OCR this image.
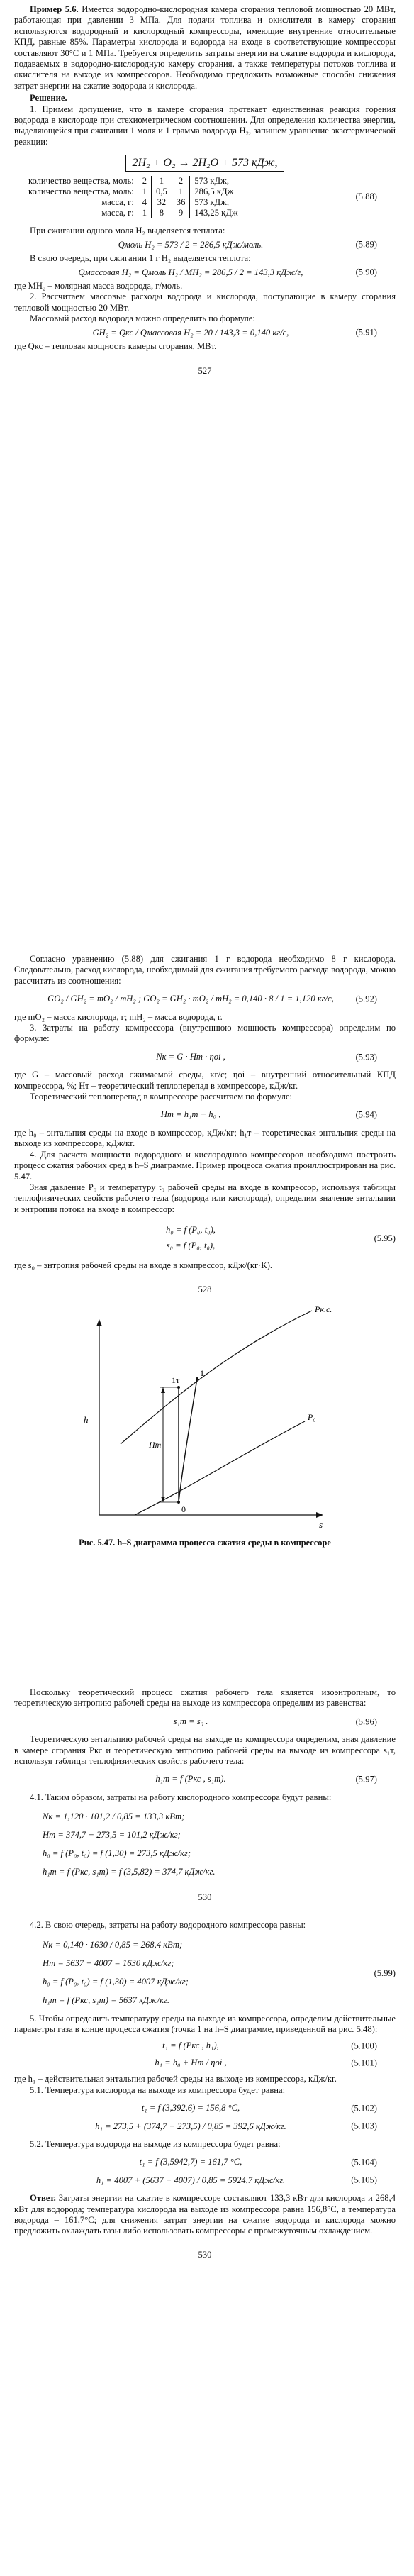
Пример 5.6. Имеется водородно-кислородная камера сгорания тепловой мощностью 20 МВт, работающая при давлении 3 МПа. Для подачи топлива и окислителя в камеру сгорания используются водородный и кислородный компрессоры, имеющие внутренние относительные КПД, равные 85%. Параметры кислорода и водорода на входе в соответствующие компрессоры составляют 30°С и 1 МПа. Требуется определить затраты энергии на сжатие водорода и кислорода, подаваемых в водородно-кислородную камеру сгорания, а также температуры потоков топлива и окислителя на выходе из компрессоров. Необходимо предложить возможные способы снижения затрат энергии на сжатие водорода и кислорода.

Решение.

1. Примем допущение, что в камере сгорания протекает единственная реакция горения водорода в кислороде при стехиометрическом соотношении. Для определения количества энергии, выделяющейся при сжигании 1 моля и 1 грамма водорода H₂, запишем уравнение экзотермической реакции:

2H₂ + O₂ → 2H₂O + 573 кДж,
количество вещества, моль:	2	1	2	573 кДж,
количество вещества, моль:	1	0,5	1	286,5 кДж
масса, г:	4	32	36	573 кДж,
масса, г:	1	8	9	143,25 кДж
(5.88)

При сжигании одного моля H₂ выделяется теплота:

Qмоль H₂ = 573 / 2 = 286,5 кДж/моль.	(5.89)

В свою очередь, при сжигании 1 г H₂ выделяется теплота:

Qмассовая H₂ = Qмоль H₂ / MH₂ = 286,5 / 2 = 143,3 кДж/г,	(5.90)

где MH₂ – молярная масса водорода, г/моль.

2. Рассчитаем массовые расходы водорода и кислорода, поступающие в камеру сгорания тепловой мощностью 20 МВт.

Массовый расход водорода можно определить по формуле:

GH₂ = Qкс / Qмассовая H₂ = 20 / 143,3 = 0,140 кг/с,	(5.91)

где Qкс – тепловая мощность камеры сгорания, МВт.

527

Согласно уравнению (5.88) для сжигания 1 г водорода необходимо 8 г кислорода. Следовательно, расход кислорода, необходимый для сжигания требуемого расхода водорода, можно рассчитать из соотношения:

GO₂ / GH₂ = mO₂ / mH₂ ; GO₂ = GH₂ · mO₂ / mH₂ = 0,140 · 8 / 1 = 1,120 кг/с,	(5.92)

где mO₂ – масса кислорода, г; mH₂ – масса водорода, г.

3. Затраты на работу компрессора (внутреннюю мощность компрессора) определим по формуле:

Nк = G · Hт · ηoi ,	(5.93)

где G – массовый расход сжимаемой среды, кг/с; ηoi – внутренний относительный КПД компрессора, %; Hт – теоретический теплоперепад в компрессоре, кДж/кг.

Теоретический теплоперепад в компрессоре рассчитаем по формуле:

Hт = h₁т − h₀ ,	(5.94)

где h₀ – энтальпия среды на входе в компрессор, кДж/кг; h₁т – теоретическая энтальпия среды на выходе из компрессора, кДж/кг.

4. Для расчета мощности водородного и кислородного компрессоров необходимо построить процесс сжатия рабочих сред в h–S диаграмме. Пример процесса сжатия проиллюстрирован на рис. 5.47.

Зная давление P₀ и температуру t₀ рабочей среды на входе в компрессор, используя таблицы теплофизических свойств рабочего тела (водорода или кислорода), определим значение энтальпии и энтропии потока на входе в компрессор:

h₀ = f (P₀, t₀),
s₀ = f (P₀, t₀),
(5.95)

где s₀ – энтропия рабочей среды на входе в компрессор, кДж/(кг·К).

528
h
s
Pк.с.
P₀
1т
1
0
Hт
Рис. 5.47. h–S диаграмма процесса сжатия среды в компрессоре

Поскольку теоретический процесс сжатия рабочего тела является изоэнтропным, то теоретическую энтропию рабочей среды на выходе из компрессора определим из равенства:

s₁т = s₀ .	(5.96)

Теоретическую энтальпию рабочей среды на выходе из компрессора определим, зная давление в камере сгорания Pкс и теоретическую энтропию рабочей среды на выходе из компрессора s₁т, используя таблицы теплофизических свойств рабочего тела:

h₁т = f (Pкс , s₁т).	(5.97)

4.1. Таким образом, затраты на работу кислородного компрессора будут равны:

Nк = 1,120 · 101,2 / 0,85 = 133,3 кВт;
Hт = 374,7 − 273,5 = 101,2 кДж/кг;
h₀ = f (P₀, t₀) = f (1,30) = 273,5 кДж/кг;
h₁т = f (Pкс, s₁т) = f (3,5,82) = 374,7 кДж/кг.
530

4.2. В свою очередь, затраты на работу водородного компрессора равны:

Nк = 0,140 · 1630 / 0,85 = 268,4 кВт;
Hт = 5637 − 4007 = 1630 кДж/кг;
h₀ = f (P₀, t₀) = f (1,30) = 4007 кДж/кг;
h₁т = f (Pкс, s₁т) = 5637 кДж/кг.
(5.99)

5. Чтобы определить температуру среды на выходе из компрессора, определим действительные параметры газа в конце процесса сжатия (точка 1 на h–S диаграмме, приведенной на рис. 5.48):

t₁ = f (Pкс , h₁),	(5.100)
h₁ = h₀ + Hт / ηoi ,	(5.101)

где h₁ – действительная энтальпия рабочей среды на выходе из компрессора, кДж/кг.

5.1. Температура кислорода на выходе из компрессора будет равна:

t₁ = f (3,392,6) = 156,8 °С,	(5.102)
h₁ = 273,5 + (374,7 − 273,5) / 0,85 = 392,6 кДж/кг.	(5.103)

5.2. Температура водорода на выходе из компрессора будет равна:

t₁ = f (3,5942,7) = 161,7 °С,	(5.104)
h₁ = 4007 + (5637 − 4007) / 0,85 = 5924,7 кДж/кг.	(5.105)

Ответ. Затраты энергии на сжатие в компрессоре составляют 133,3 кВт для кислорода и 268,4 кВт для водорода; температура кислорода на выходе из компрессора равна 156,8°С, а температура водорода – 161,7°С; для снижения затрат энергии на сжатие водорода и кислорода можно предложить охлаждать газы либо использовать компрессоры с промежуточным охлаждением.

530
